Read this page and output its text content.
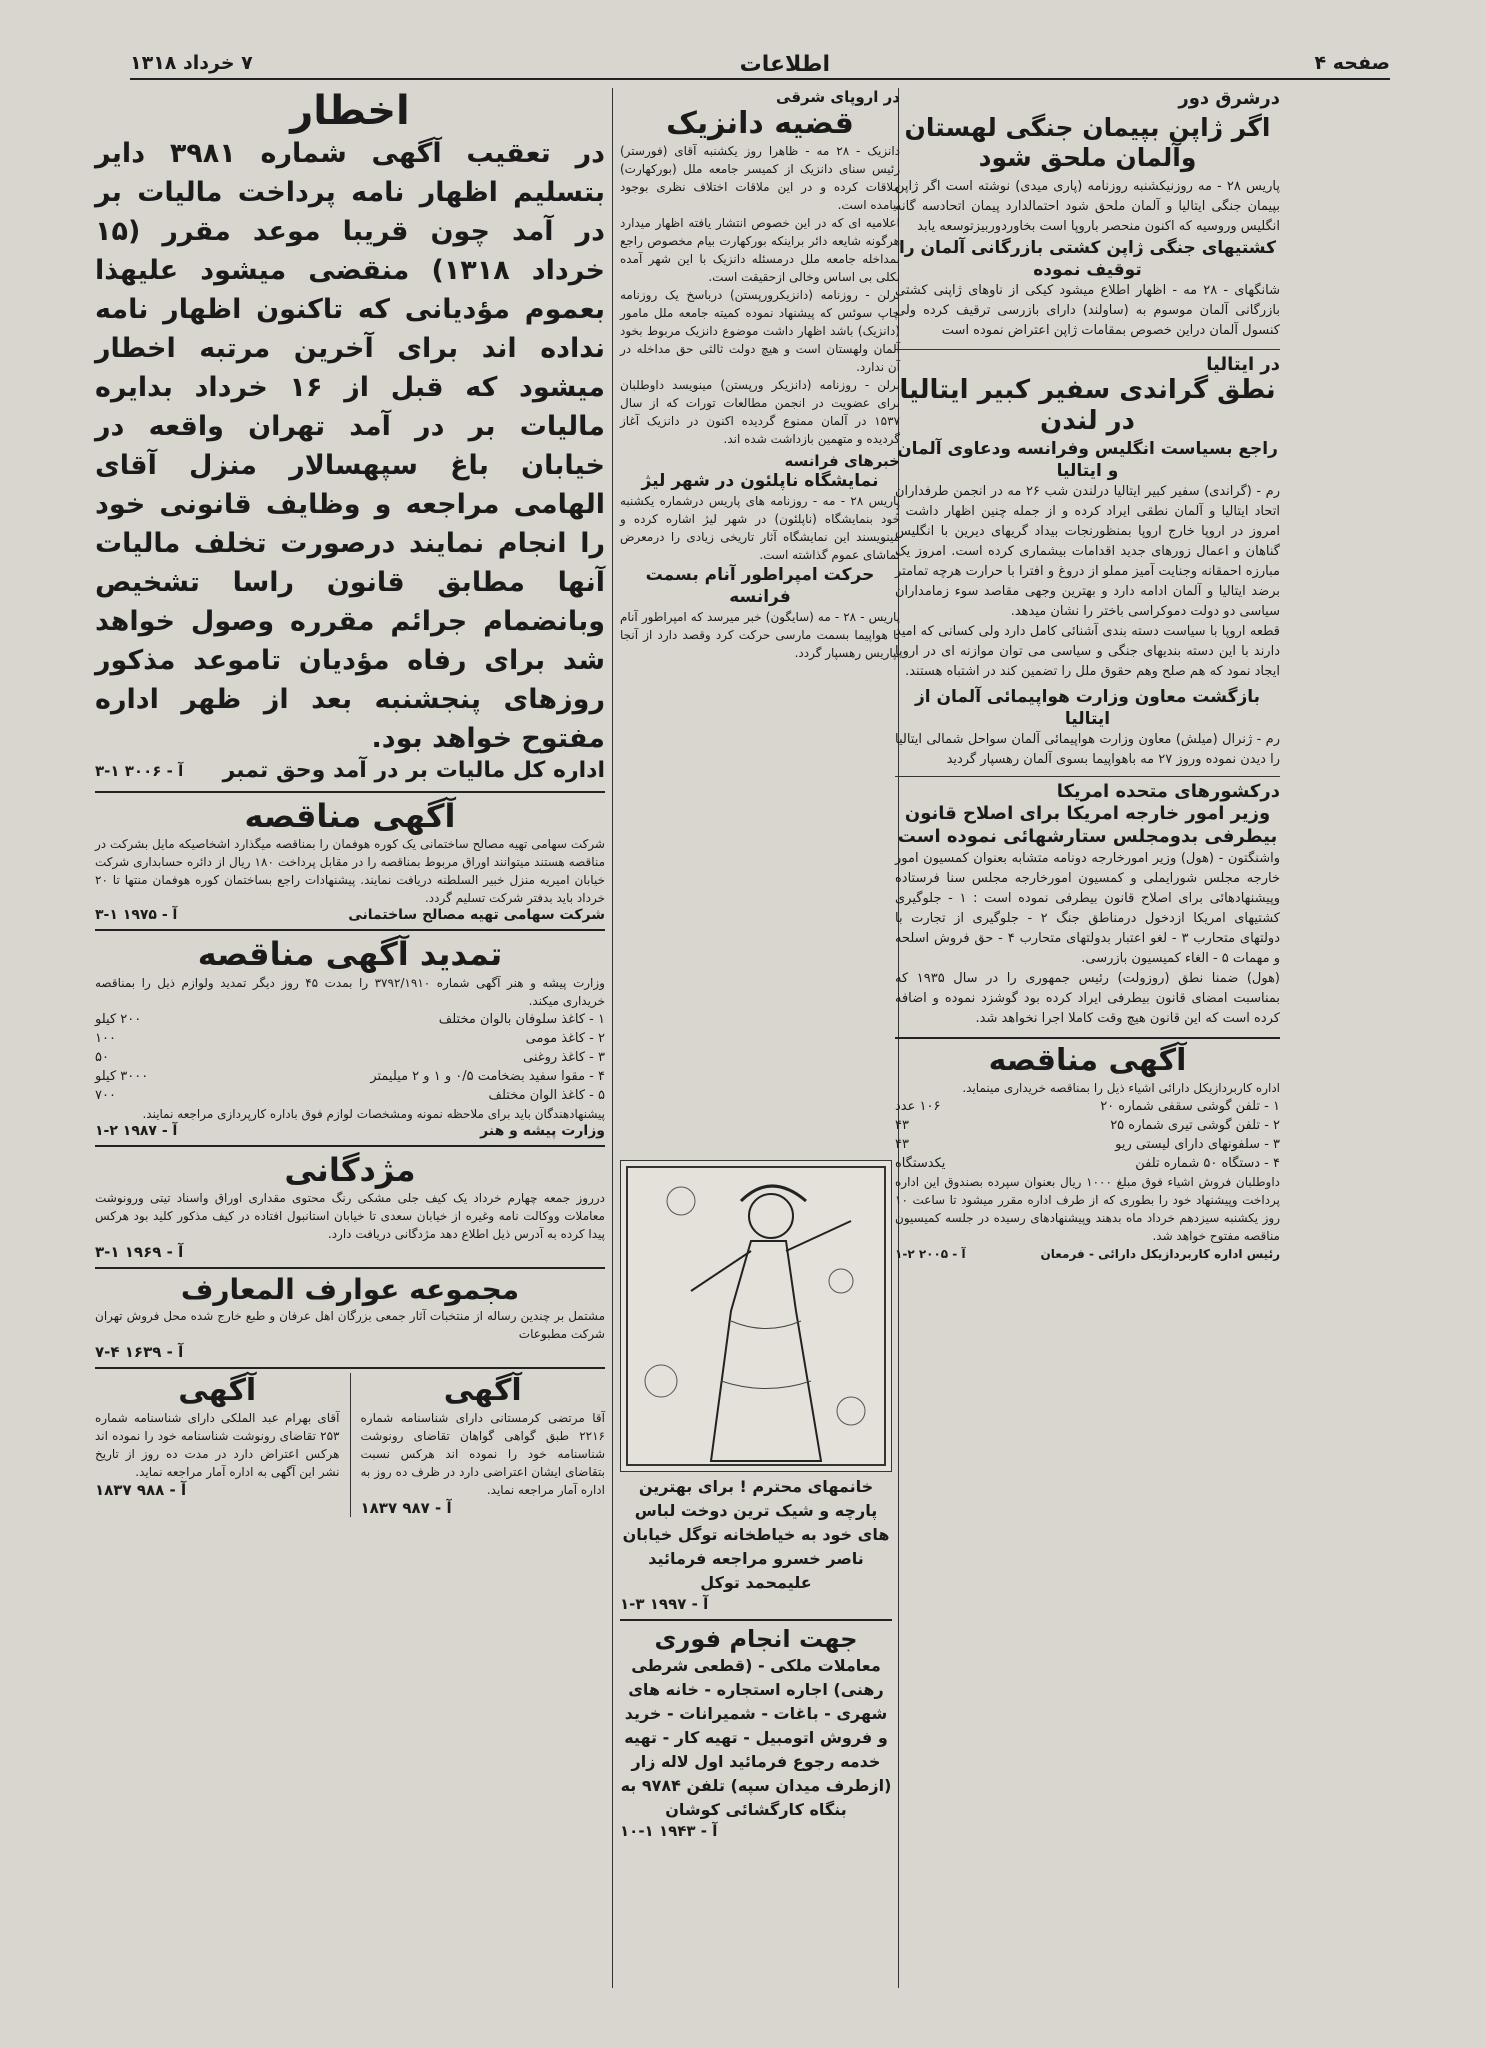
صفحه ۴
اطلاعات
۷ خرداد ۱۳۱۸
درشرق دور
اگر ژاپن بپیمان جنگی لهستان وآلمان ملحق شود

پاریس ۲۸ - مه روزنیکشنبه روزنامه (پاری میدی) نوشته است اگر ژاپن بپیمان جنگی ایتالیا و آلمان ملحق شود احتمالدارد پیمان اتحادسه گانه انگلیس وروسیه که اکنون منحصر باروپا است بخاوردوربیزتوسعه یابد

کشتیهای جنگی ژاپن کشتی بازرگانی آلمان را توقیف نموده

شانگهای - ۲۸ مه - اظهار اطلاع میشود کیکی از ناوهای ژاپنی کشتی بازرگانی آلمان موسوم به (ساولند) دارای بازرسی ترقیف کرده ولی کنسول آلمان دراین خصوص بمقامات ژاپن اعتراض نموده است

در ایتالیا
نطق گراندی سفیر کبیر ایتالیا در لندن
راجع بسیاست انگلیس وفرانسه ودعاوی آلمان و ایتالیا

رم - (گراندی) سفیر کبیر ایتالیا درلندن شب ۲۶ مه در انجمن طرفداران اتحاد ایتالیا و آلمان نطقی ایراد کرده و از جمله چنین اظهار داشت : امروز در اروپا خارج اروپا بمنظورنجات بیداد گریهای دیرین با انگلیس گناهان و اعمال زورهای جدید اقدامات بیشماری کرده است. امروز یک مبارزه احمقانه وجنایت آمیز مملو از دروغ و افترا با حرارت هرچه تمامتر برضد ایتالیا و آلمان ادامه دارد و بهترین وجهی مقاصد سوء زمامداران سیاسی دو دولت دموکراسی باختر را نشان میدهد.

قطعه اروپا با سیاست دسته بندی آشنائی کامل دارد ولی کسانی که امید دارند با این دسته بندیهای جنگی و سیاسی می توان موازنه ای در اروپا ایجاد نمود که هم صلح وهم حقوق ملل را تضمین کند در اشتباه هستند.

بازگشت معاون وزارت هواپیمائی آلمان از ایتالیا

رم - ژنرال (میلش) معاون وزارت هواپیمائی آلمان سواحل شمالی ایتالیا را دیدن نموده وروز ۲۷ مه باهواپیما بسوی آلمان رهسپار گردید

درکشورهای متحده امریکا
وزیر امور خارجه امریکا برای اصلاح قانون بیطرفی بدومجلس ستارشهائی نموده است

واشنگتون - (هول) وزیر امورخارجه دونامه متشابه بعنوان کمسیون امور خارجه مجلس شورایملی و کمسیون امورخارجه مجلس سنا فرستاده وپیشنهادهائی برای اصلاح قانون بیطرفی نموده است : ۱ - جلوگیری کشتیهای امریکا ازدخول درمناطق جنگ ۲ - جلوگیری از تجارت با دولتهای متحارب ۳ - لغو اعتبار بدولتهای متحارب ۴ - حق فروش اسلحه و مهمات ۵ - الغاء کمیسیون بازرسی.

(هول) ضمنا نطق (روزولت) رئیس جمهوری را در سال ۱۹۳۵ که بمناسبت امضای قانون بیطرفی ایراد کرده بود گوشزد نموده و اضافه کرده است که این قانون هیچ وقت کاملا اجرا نخواهد شد.

آگهی مناقصه

اداره کاربردازیکل دارائی اشیاء ذیل را بمناقصه خریداری مینماید.

۱ - تلفن گوشی سقفی شماره ۲۰
۱۰۶ عدد
۲ - تلفن گوشی تیری شماره ۲۵
۴۳
۳ - سلفونهای دارای لیستی ریو
۴۳
۴ - دستگاه ۵۰ شماره تلفن
یکدستگاه

داوطلبان فروش اشیاء فوق مبلغ ۱۰۰۰ ریال بعنوان سپرده بصندوق این اداره پرداخت وپیشنهاد خود را بطوری که از طرف اداره مقرر میشود تا ساعت ۱۰ روز یکشنبه سیزدهم خرداد ماه بدهند وپیشنهادهای رسیده در جلسه کمیسیون مناقصه مفتوح خواهد شد.

رئیس اداره کاربردازیکل دارائی - فرمعان
آ - ۲۰۰۵ ۲-۱
در اروپای شرقی
قضیه دانزیک

دانزیک - ۲۸ مه - ظاهرا روز یکشنبه آقای (فورستر) رئیس سنای دانزیک از کمیسر جامعه ملل (بورکهارت) ملاقات کرده و در این ملاقات اختلاف نظری بوجود نیامده است.

اعلامیه ای که در این خصوص انتشار یافته اظهار میدارد هرگونه شایعه دائر براینکه بورکهارت بیام مخصوص راجع بمداخله جامعه ملل درمسئله دانزیک با این شهر آمده بکلی بی اساس وخالی ازحقیقت است.

برلن - روزنامه (دانزیکرورپستن) درباسخ یک روزنامه چاپ سوئس که پیشنهاد نموده کمیته جامعه ملل مامور (دانزیک) باشد اظهار داشت موضوع دانزیک مربوط بخود آلمان ولهستان است و هیچ دولت ثالثی حق مداخله در آن ندارد.

برلن - روزنامه (دانزیکر ورپستن) مینویسد داوطلبان برای عضویت در انجمن مطالعات تورات که از سال ۱۵۳۷ در آلمان ممنوع گردیده اکنون در دانزیک آغاز گردیده و متهمین بازداشت شده اند.

خبرهای فرانسه
نمایشگاه ناپلئون در شهر لیژ

پاریس ۲۸ - مه - روزنامه های پاریس درشماره یکشنبه خود بنمایشگاه (ناپلئون) در شهر لیژ اشاره کرده و مینویسند این نمایشگاه آثار تاریخی زیادی را درمعرض تماشای عموم گذاشته است.

حرکت امپراطور آنام بسمت فرانسه

پاریس - ۲۸ - مه (سایگون) خبر میرسد که امپراطور آنام با هواپیما بسمت مارسی حرکت کرد وقصد دارد از آنجا بپاریس رهسپار گردد.

خانمهای محترم ! برای بهترین پارچه و شیک ترین دوخت لباس های خود به خیاطخانه توگل خیابان ناصر خسرو مراجعه فرمائید علیمحمد توکل

آ - ۱۹۹۷ ۳-۱
جهت انجام فوری

معاملات ملکی - (قطعی شرطی رهنی) اجاره استجاره - خانه های شهری - باغات - شمیرانات - خرید و فروش اتومبیل - تهیه کار - تهیه خدمه رجوع فرمائید اول لاله زار (ازطرف میدان سپه) تلفن ۹۷۸۴ به بنگاه کارگشائی کوشان

آ - ۱۹۴۳ ۱-۱۰
اخطار

در تعقیب آگهی شماره ۳۹۸۱ دایر بتسلیم اظهار نامه پرداخت مالیات بر در آمد چون قریبا موعد مقرر (۱۵ خرداد ۱۳۱۸) منقضی میشود علیهذا بعموم مؤدیانی که تاکنون اظهار نامه نداده اند برای آخرین مرتبه اخطار میشود که قبل از ۱۶ خرداد بدایره مالیات بر در آمد تهران واقعه در خیابان باغ سپهسالار منزل آقای الهامی مراجعه و وظایف قانونی خود را انجام نمایند درصورت تخلف مالیات آنها مطابق قانون راسا تشخیص وبانضمام جرائم مقرره وصول خواهد شد برای رفاه مؤدیان تاموعد مذکور روزهای پنجشنبه بعد از ظهر اداره مفتوح خواهد بود.

اداره کل مالیات بر در آمد وحق تمبر
آ - ۳۰۰۶ ۱-۳
آگهی مناقصه

شرکت سهامی تهیه مصالح ساختمانی یک کوره هوفمان را بمناقصه میگذارد اشخاصیکه مایل بشرکت در مناقصه هستند میتوانند اوراق مربوط بمناقصه را در مقابل پرداخت ۱۸۰ ریال از دائره حسابداری شرکت خیابان امیریه منزل خبیر السلطنه دریافت نمایند. پیشنهادات راجع بساختمان کوره هوفمان منتها تا ۲۰ خرداد باید بدفتر شرکت تسلیم گردد.

شرکت سهامی تهیه مصالح ساختمانی
آ - ۱۹۷۵ ۱-۳
تمدید آگهی مناقصه

وزارت پیشه و هنر آگهی شماره ۳۷۹۲/۱۹۱۰ را بمدت ۴۵ روز دیگر تمدید ولوازم ذیل را بمناقصه خریداری میکند.

۱ - کاغذ سلوفان بالوان مختلف
۲۰۰ کیلو
۲ - کاغذ مومی
۱۰۰
۳ - کاغذ روغنی
۵۰
۴ - مقوا سفید بضخامت ۰/۵ و ۱ و ۲ میلیمتر
۳۰۰۰ کیلو
۵ - کاغذ الوان مختلف
۷۰۰

پیشنهادهندگان باید برای ملاحظه نمونه ومشخصات لوازم فوق باداره کارپردازی مراجعه نمایند.

وزارت پیشه و هنر
آ - ۱۹۸۷ ۲-۱
مژدگانی

درروز جمعه چهارم خرداد یک کیف جلی مشکی رنگ محتوی مقداری اوراق واسناد تیتی ورونوشت معاملات ووکالت نامه وغیره از خیابان سعدی تا خیابان استانبول افتاده در کیف مذکور کلید بود هرکس پیدا کرده به آدرس ذیل اطلاع دهد مژدگانی دریافت دارد.

آ - ۱۹۶۹ ۱-۳
مجموعه عوارف المعارف

مشتمل بر چندین رساله از منتخبات آثار جمعی بزرگان اهل عرفان و طبع خارج شده محل فروش تهران شرکت مطبوعات

آ - ۱۶۳۹ ۴-۷
آگهی

آقا مرتضی کرمستانی دارای شناسنامه شماره ۲۲۱۶ طبق گواهی گواهان تقاضای رونوشت شناسنامه خود را نموده اند هرکس نسبت بتقاضای ایشان اعتراضی دارد در ظرف ده روز به اداره آمار مراجعه نماید.

آ - ۹۸۷ ۱۸۳۷
آگهی

آقای بهرام عبد الملکی دارای شناسنامه شماره ۲۵۳ تقاضای رونوشت شناسنامه خود را نموده اند هرکس اعتراض دارد در مدت ده روز از تاریخ نشر این آگهی به اداره آمار مراجعه نماید.

آ - ۹۸۸ ۱۸۳۷
